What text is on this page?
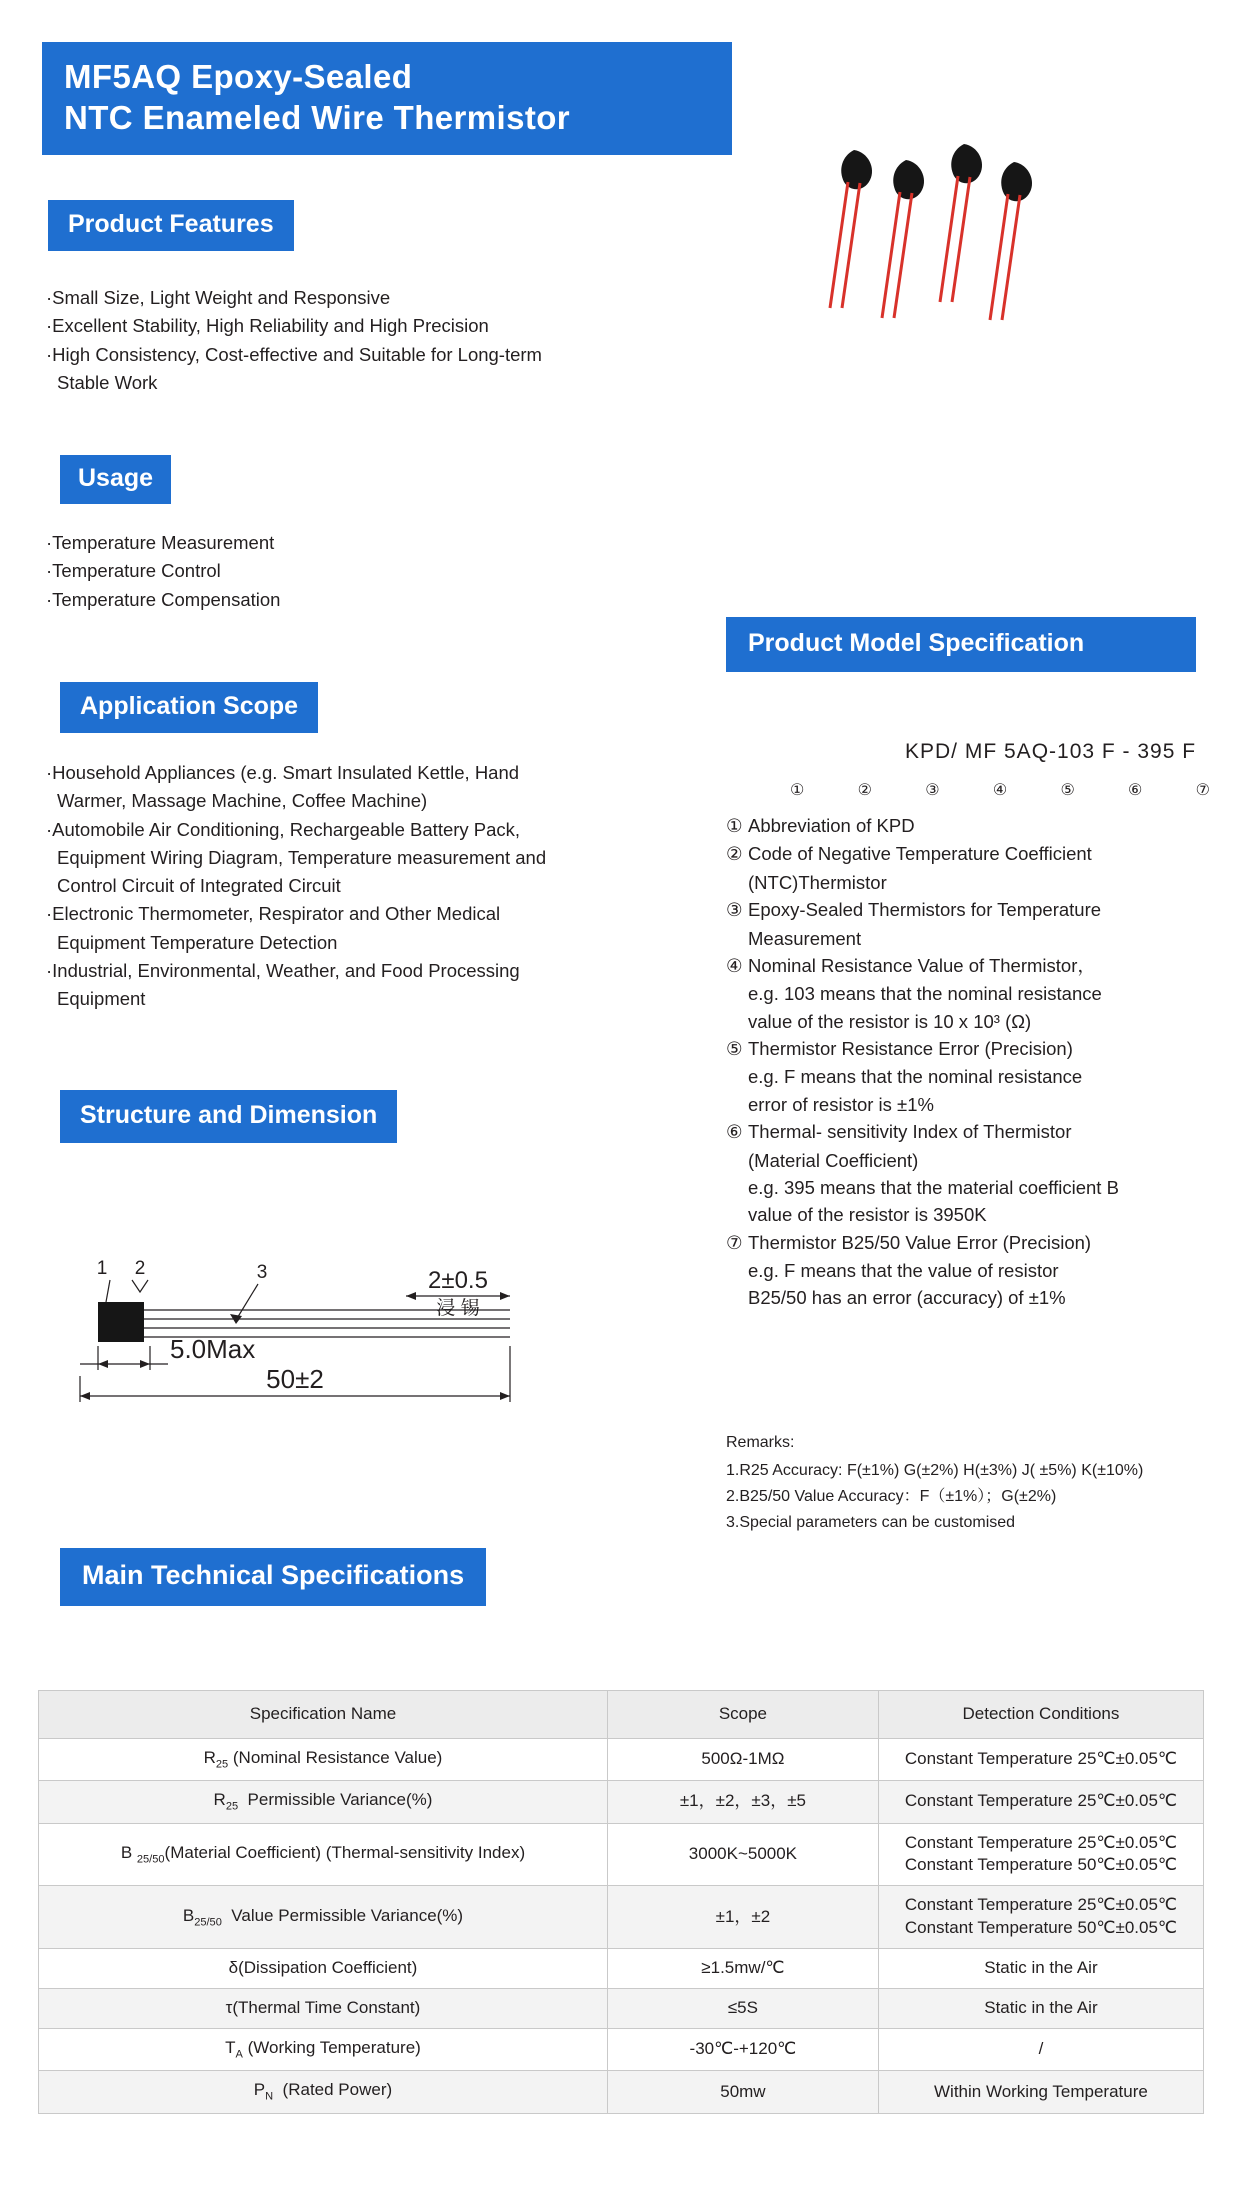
MF5AQ Epoxy-Sealed
NTC Enameled Wire Thermistor
Product Features

·Small Size, Light Weight and Responsive

·Excellent Stability, High Reliability and High Precision

·High Consistency, Cost-effective and Suitable for Long-term

Stable Work

Usage

·Temperature Measurement

·Temperature Control

·Temperature Compensation

Application Scope

·Household Appliances (e.g. Smart Insulated Kettle, Hand

Warmer, Massage Machine, Coffee Machine)

·Automobile Air Conditioning, Rechargeable Battery Pack,

Equipment Wiring Diagram, Temperature measurement and

Control Circuit of Integrated Circuit

·Electronic Thermometer, Respirator and Other Medical

Equipment Temperature Detection

·Industrial, Environmental, Weather, and Food Processing

Equipment

Product Model Specification
KPD/ MF 5AQ-103 F - 395 F
①	②	③	④	⑤	⑥	⑦
① Abbreviation of KPD
② Code of Negative Temperature Coefficient
(NTC)Thermistor
③ Epoxy-Sealed Thermistors for Temperature
Measurement
④ Nominal Resistance Value of Thermistor，
e.g. 103 means that the nominal resistance
value of the resistor is 10 x 10³ (Ω)
⑤ Thermistor Resistance Error (Precision)
e.g. F means that the nominal resistance
error of resistor is ±1%
⑥ Thermal- sensitivity Index of Thermistor
(Material Coefficient)
e.g. 395 means that the material coefficient B
value of the resistor is 3950K
⑦ Thermistor B25/50 Value Error (Precision)
e.g. F means that the value of resistor
B25/50 has an error (accuracy) of ±1%
Remarks:
1.R25 Accuracy: F(±1%) G(±2%) H(±3%) J( ±5%) K(±10%)
2.B25/50 Value Accuracy：F（±1%）；G(±2%)
3.Special parameters can be customised
Structure and Dimension
1 2	3	2±0.5
浸 锡
5.0Max
50±2
Main Technical Specifications
Specification Name	Scope	Detection Conditions
$R_{25}$ (Nominal Resistance Value)	500Ω-1MΩ	Constant Temperature 25℃±0.05℃
$R_{25}$  Permissible Variance(%)	±1，±2，±3，±5	Constant Temperature 25℃±0.05℃
B $_{25/50}$(Material Coefficient) (Thermal-sensitivity Index)	3000K~5000K	Constant Temperature 25℃±0.05℃
Constant Temperature 50℃±0.05℃

$B_{25/50}$  Value Permissible Variance(%)	±1，±2	Constant Temperature 25℃±0.05℃
Constant Temperature 50℃±0.05℃

δ(Dissipation Coefficient)	≥1.5mw/℃	Static in the Air
τ(Thermal Time Constant)	≤5S	Static in the Air
$T_A$ (Working Temperature)	-30℃-+120℃	/
$P_N$  (Rated Power)	50mw	Within Working Temperature
